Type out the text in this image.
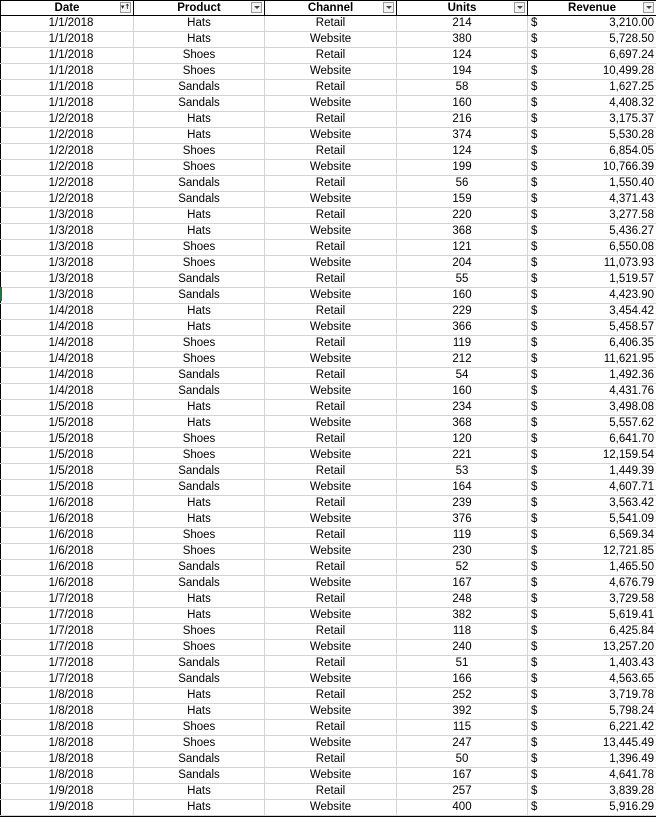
Date ▾↑	Product	Channel	Units	Revenue

1/1/2018	Hats	Retail	214	$ 3,210.00
1/1/2018	Hats	Website	380	$ 5,728.50
1/1/2018	Shoes	Retail	124	$ 6,697.24
1/1/2018	Shoes	Website	194	$ 10,499.28
1/1/2018	Sandals	Retail	58	$ 1,627.25
1/1/2018	Sandals	Website	160	$ 4,408.32
1/2/2018	Hats	Retail	216	$ 3,175.37
1/2/2018	Hats	Website	374	$ 5,530.28
1/2/2018	Shoes	Retail	124	$ 6,854.05
1/2/2018	Shoes	Website	199	$ 10,766.39
1/2/2018	Sandals	Retail	56	$ 1,550.40
1/2/2018	Sandals	Website	159	$ 4,371.43
1/3/2018	Hats	Retail	220	$ 3,277.58
1/3/2018	Hats	Website	368	$ 5,436.27
1/3/2018	Shoes	Retail	121	$ 6,550.08
1/3/2018	Shoes	Website	204	$ 11,073.93
1/3/2018	Sandals	Retail	55	$ 1,519.57
1/3/2018	Sandals	Website	160	$ 4,423.90
1/4/2018	Hats	Retail	229	$ 3,454.42
1/4/2018	Hats	Website	366	$ 5,458.57
1/4/2018	Shoes	Retail	119	$ 6,406.35
1/4/2018	Shoes	Website	212	$ 11,621.95
1/4/2018	Sandals	Retail	54	$ 1,492.36
1/4/2018	Sandals	Website	160	$ 4,431.76
1/5/2018	Hats	Retail	234	$ 3,498.08
1/5/2018	Hats	Website	368	$ 5,557.62
1/5/2018	Shoes	Retail	120	$ 6,641.70
1/5/2018	Shoes	Website	221	$ 12,159.54
1/5/2018	Sandals	Retail	53	$ 1,449.39
1/5/2018	Sandals	Website	164	$ 4,607.71
1/6/2018	Hats	Retail	239	$ 3,563.42
1/6/2018	Hats	Website	376	$ 5,541.09
1/6/2018	Shoes	Retail	119	$ 6,569.34
1/6/2018	Shoes	Website	230	$ 12,721.85
1/6/2018	Sandals	Retail	52	$ 1,465.50
1/6/2018	Sandals	Website	167	$ 4,676.79
1/7/2018	Hats	Retail	248	$ 3,729.58
1/7/2018	Hats	Website	382	$ 5,619.41
1/7/2018	Shoes	Retail	118	$ 6,425.84
1/7/2018	Shoes	Website	240	$ 13,257.20
1/7/2018	Sandals	Retail	51	$ 1,403.43
1/7/2018	Sandals	Website	166	$ 4,563.65
1/8/2018	Hats	Retail	252	$ 3,719.78
1/8/2018	Hats	Website	392	$ 5,798.24
1/8/2018	Shoes	Retail	115	$ 6,221.42
1/8/2018	Shoes	Website	247	$ 13,445.49
1/8/2018	Sandals	Retail	50	$ 1,396.49
1/8/2018	Sandals	Website	167	$ 4,641.78
1/9/2018	Hats	Retail	257	$ 3,839.28
1/9/2018	Hats	Website	400	$ 5,916.29
